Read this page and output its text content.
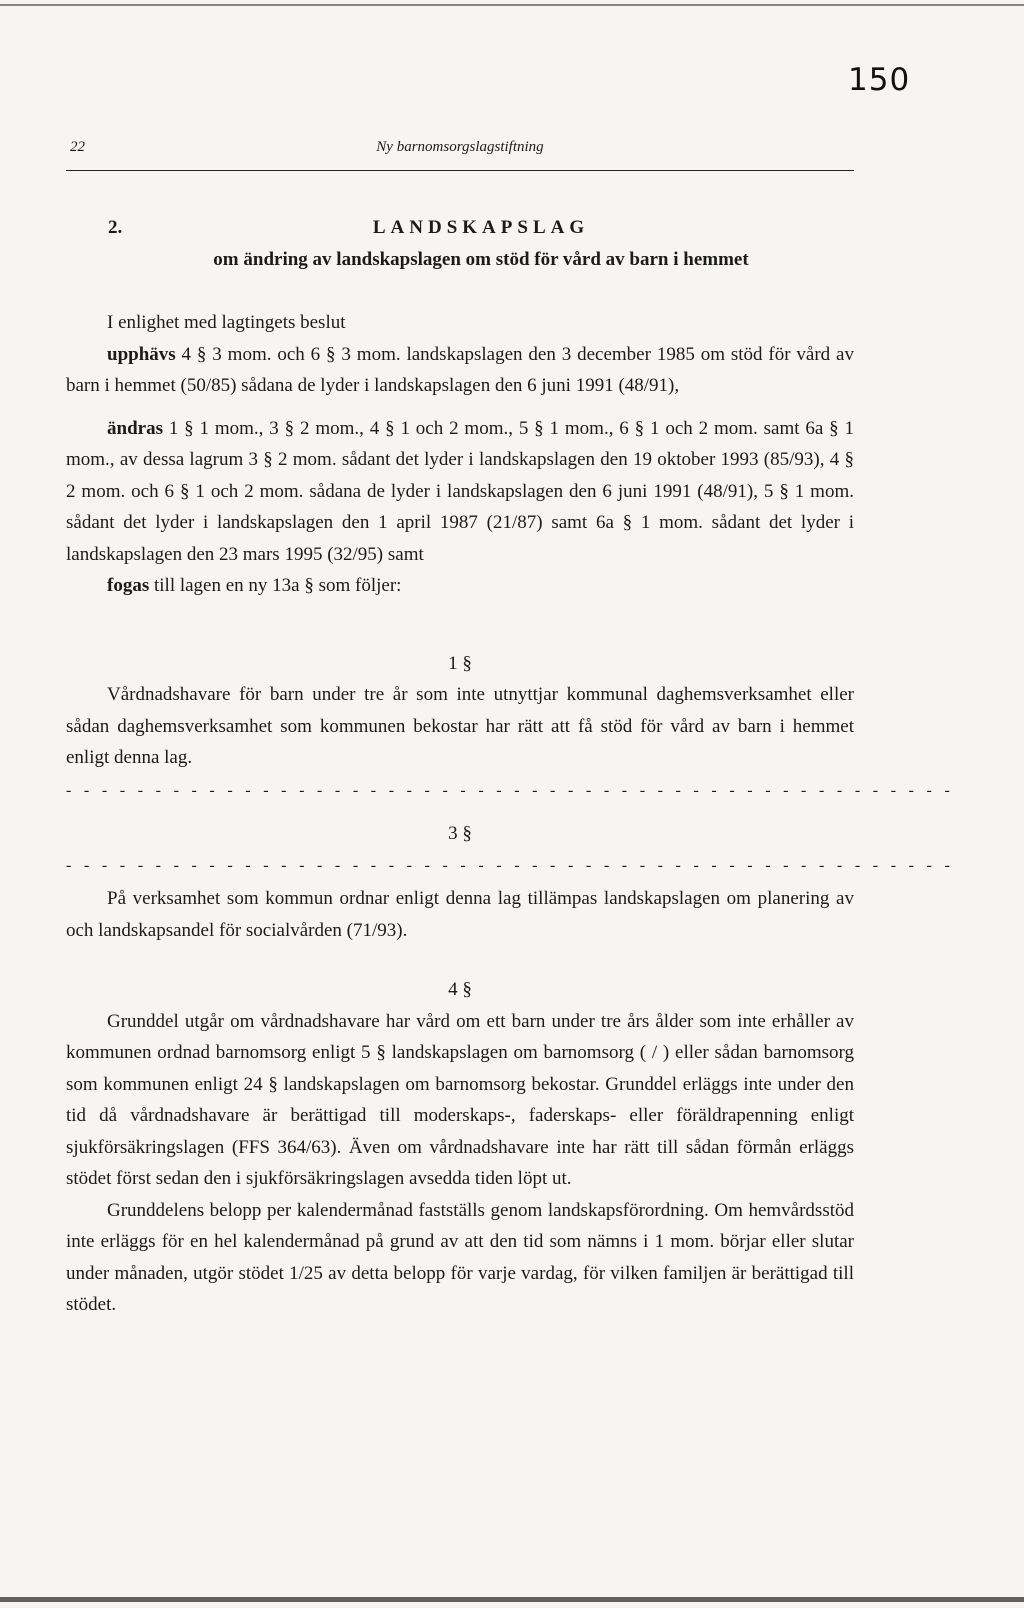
150
22	Ny barnomsorgslagstiftning
2.	LANDSKAPSLAG
om ändring av landskapslagen om stöd för vård av barn i hemmet

I enlighet med lagtingets beslut

upphävs 4 § 3 mom. och 6 § 3 mom. landskapslagen den 3 december 1985 om stöd för vård av barn i hemmet (50/85) sådana de lyder i landskapslagen den 6 juni 1991 (48/91),

ändras 1 § 1 mom., 3 § 2 mom., 4 § 1 och 2 mom., 5 § 1 mom., 6 § 1 och 2 mom. samt 6a § 1 mom., av dessa lagrum 3 § 2 mom. sådant det lyder i landskapslagen den 19 oktober 1993 (85/93), 4 § 2 mom. och 6 § 1 och 2 mom. sådana de lyder i landskapslagen den 6 juni 1991 (48/91), 5 § 1 mom. sådant det lyder i landskapslagen den 1 april 1987 (21/87) samt 6a § 1 mom. sådant det lyder i landskapslagen den 23 mars 1995 (32/95) samt

fogas till lagen en ny 13a § som följer:

1 §

Vårdnadshavare för barn under tre år som inte utnyttjar kommunal daghemsverksamhet eller sådan daghemsverksamhet som kommunen bekostar har rätt att få stöd för vård av barn i hemmet enligt denna lag.

- - - - - - - - - - - - - - - - - - - - - - - - - - - - - - - - - - - - - - - - - - - - - - - - - -

3 §

- - - - - - - - - - - - - - - - - - - - - - - - - - - - - - - - - - - - - - - - - - - - - - - - - -

På verksamhet som kommun ordnar enligt denna lag tillämpas landskapslagen om planering av och landskapsandel för socialvården (71/93).

4 §

Grunddel utgår om vårdnadshavare har vård om ett barn under tre års ålder som inte erhåller av kommunen ordnad barnomsorg enligt 5 § landskapslagen om barnomsorg ( / ) eller sådan barnomsorg som kommunen enligt 24 § landskapslagen om barnomsorg bekostar. Grunddel erläggs inte under den tid då vårdnadshavare är berättigad till moderskaps-, faderskaps- eller föräldrapenning enligt sjukförsäkringslagen (FFS 364/63). Även om vårdnadshavare inte har rätt till sådan förmån erläggs stödet först sedan den i sjukförsäkringslagen avsedda tiden löpt ut.

Grunddelens belopp per kalendermånad fastställs genom landskapsförordning. Om hemvårdsstöd inte erläggs för en hel kalendermånad på grund av att den tid som nämns i 1 mom. börjar eller slutar under månaden, utgör stödet 1/25 av detta belopp för varje vardag, för vilken familjen är berättigad till stödet.
